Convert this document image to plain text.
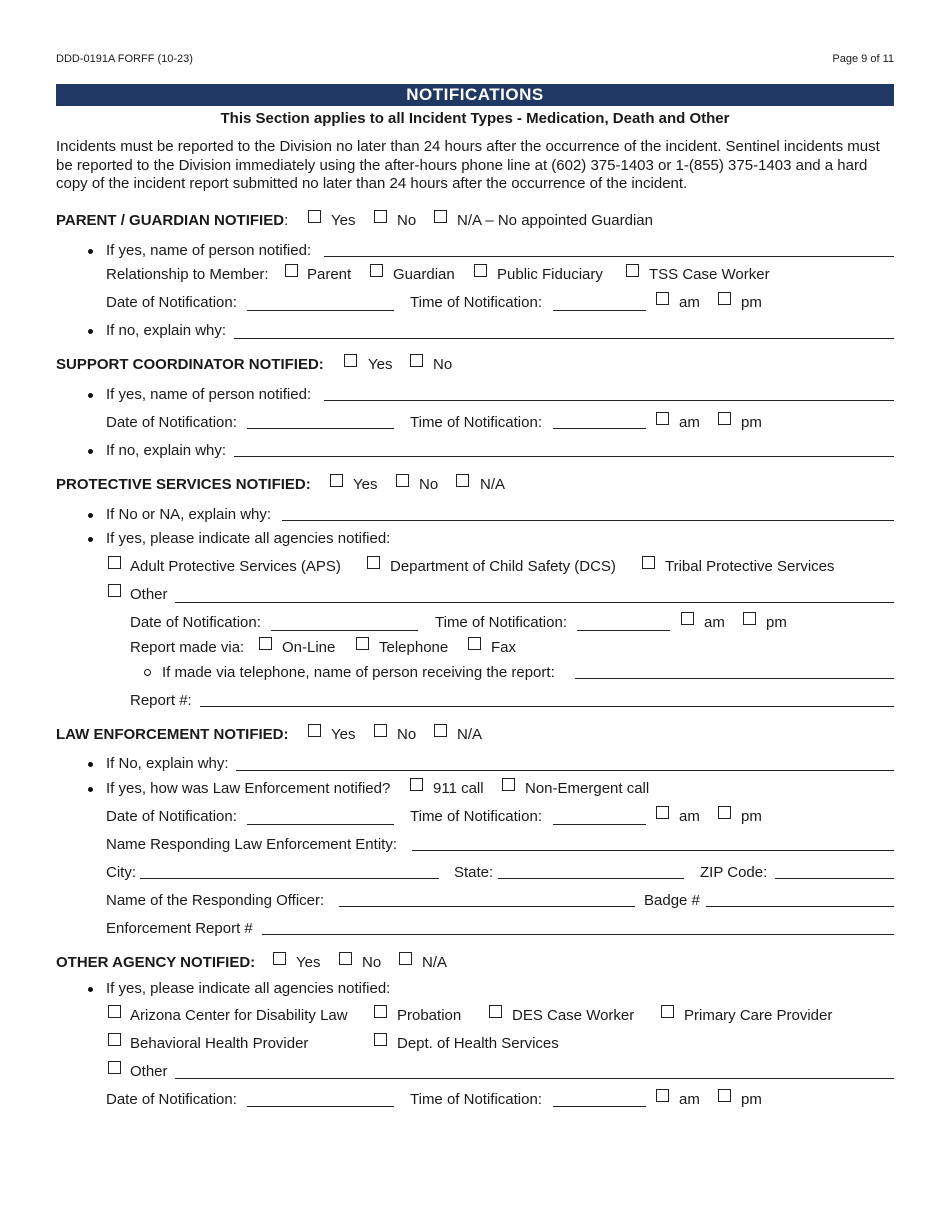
DDD-0191A FORFF (10-23)	Page 9 of 11
NOTIFICATIONS
This Section applies to all Incident Types - Medication, Death and Other
Incidents must be reported to the Division no later than 24 hours after the occurrence of the incident. Sentinel incidents must be reported to the Division immediately using the after-hours phone line at (602) 375-1403 or 1-(855) 375-1403 and a hard copy of the incident report submitted no later than 24 hours after the occurrence of the incident.
PARENT / GUARDIAN NOTIFIED:	Yes	No	N/A – No appointed Guardian
If yes, name of person notified:
Relationship to Member:	Parent	Guardian	Public Fiduciary	TSS Case Worker
Date of Notification:	Time of Notification:	am	pm
If no, explain why:
SUPPORT COORDINATOR NOTIFIED:	Yes	No
If yes, name of person notified:
Date of Notification:	Time of Notification:	am	pm
If no, explain why:
PROTECTIVE SERVICES NOTIFIED:	Yes	No	N/A
If No or NA, explain why:
If yes, please indicate all agencies notified:
Adult Protective Services (APS)	Department of Child Safety (DCS)	Tribal Protective Services
Other
Date of Notification:	Time of Notification:	am	pm
Report made via:	On-Line	Telephone	Fax
If made via telephone, name of person receiving the report:
Report #:
LAW ENFORCEMENT NOTIFIED:	Yes	No	N/A
If No, explain why:
If yes, how was Law Enforcement notified?	911 call	Non-Emergent call
Date of Notification:	Time of Notification:	am	pm
Name Responding Law Enforcement Entity:
City:	State:	ZIP Code:
Name of the Responding Officer:	Badge #
Enforcement Report #
OTHER AGENCY NOTIFIED:	Yes	No	N/A
If yes, please indicate all agencies notified:
Arizona Center for Disability Law	Probation	DES Case Worker	Primary Care Provider
Behavioral Health Provider	Dept. of Health Services
Other
Date of Notification:	Time of Notification:	am	pm
